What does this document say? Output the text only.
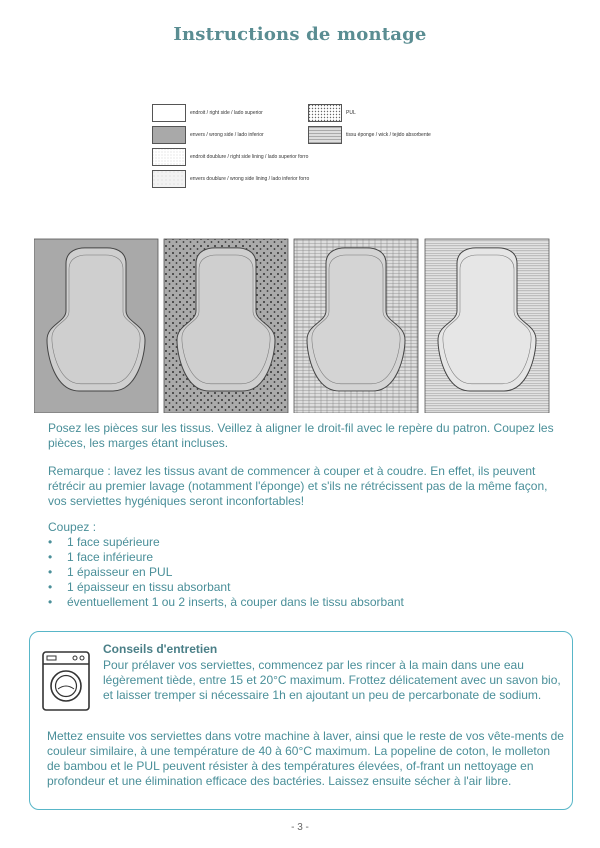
Instructions de montage
endroit / right side / lado superior	PUL
envers / wrong side / lado inferior	tissu éponge / wick / tejido absorbente
endroit doublure / right side lining / lado superior forro
envers doublure / wrong side lining / lado inferior forro

Posez les pièces sur les tissus. Veillez à aligner le droit-fil avec le repère du patron. Coupez les pièces, les marges étant incluses.

Remarque : lavez les tissus avant de commencer à couper et à coudre. En effet, ils peuvent rétrécir au premier lavage (notamment l'éponge) et s'ils ne rétrécissent pas de la même façon, vos serviettes hygéniques seront inconfortables!

Coupez :

• 1 face supérieure
• 1 face inférieure
• 1 épaisseur en PUL
• 1 épaisseur en tissu absorbant
• éventuellement 1 ou 2 inserts, à couper dans le tissu absorbant
Conseils d'entretien

Pour prélaver vos serviettes, commencez par les rincer à la main dans une eau légèrement tiède, entre 15 et 20°C maximum. Frottez délicatement avec un savon bio, et laisser tremper si nécessaire 1h en ajoutant un peu de percarbonate de sodium.

Mettez ensuite vos serviettes dans votre machine à laver, ainsi que le reste de vos vête-ments de couleur similaire, à une température de 40 à 60°C maximum. La popeline de coton, le molleton de bambou et le PUL peuvent résister à des températures élevées, of-frant un nettoyage en profondeur et une élimination efficace des bactéries. Laissez ensuite sécher à l'air libre.

- 3 -
